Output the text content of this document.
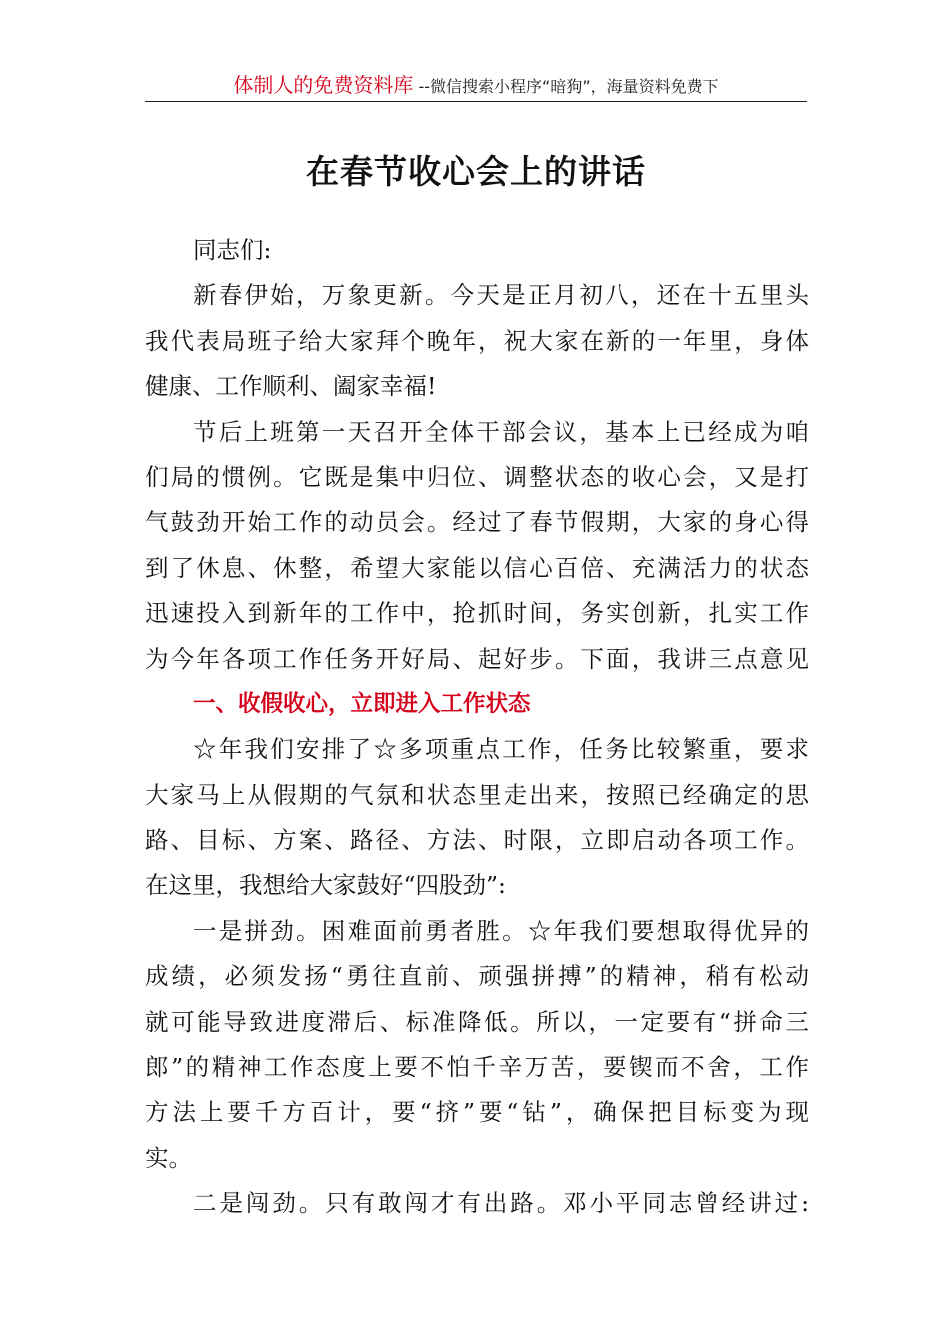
体制人的免费资料库 --微信搜索小程序“暗狗”，海量资料免费下
在春节收心会上的讲话
同志们:
新春伊始，万象更新。今天是正月初八，还在十五里头
我代表局班子给大家拜个晚年，祝大家在新的一年里，身体
健康、工作顺利、阖家幸福!
节后上班第一天召开全体干部会议，基本上已经成为咱
们局的惯例。它既是集中归位、调整状态的收心会，又是打
气鼓劲开始工作的动员会。经过了春节假期，大家的身心得
到了休息、休整，希望大家能以信心百倍、充满活力的状态
迅速投入到新年的工作中，抢抓时间，务实创新，扎实工作
为今年各项工作任务开好局、起好步。下面，我讲三点意见
一、收假收心，立即进入工作状态
☆年我们安排了☆多项重点工作，任务比较繁重，要求
大家马上从假期的气氛和状态里走出来，按照已经确定的思
路、目标、方案、路径、方法、时限，立即启动各项工作。
在这里，我想给大家鼓好“四股劲”:
一是拼劲。困难面前勇者胜。☆年我们要想取得优异的
成绩，必须发扬“勇往直前、顽强拼搏”的精神，稍有松动
就可能导致进度滞后、标准降低。所以，一定要有“拼命三
郎”的精神工作态度上要不怕千辛万苦，要锲而不舍，工作
方法上要千方百计，要“挤”要“钻”，确保把目标变为现
实。
二是闯劲。只有敢闯才有出路。邓小平同志曾经讲过:
